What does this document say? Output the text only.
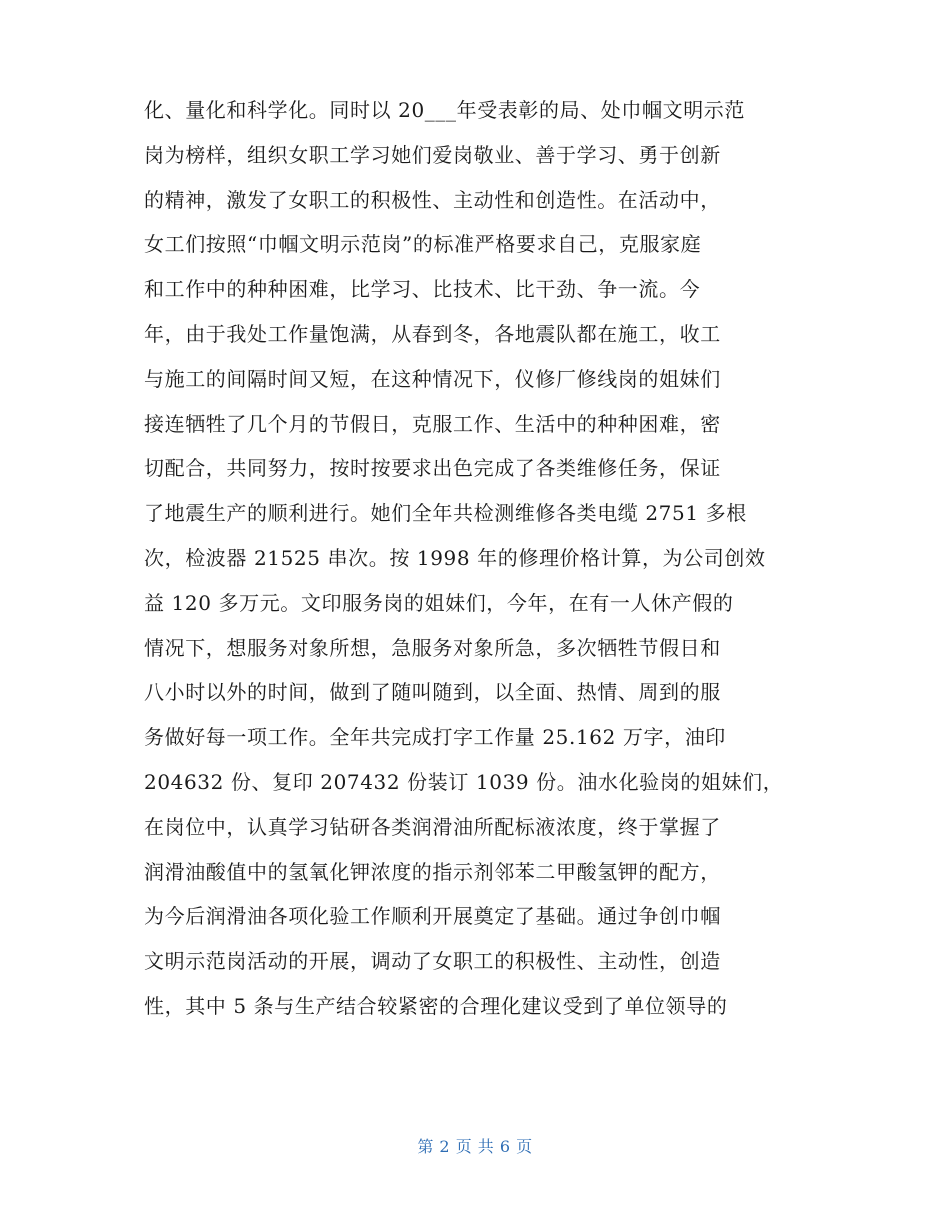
化、量化和科学化。同时以 20___年受表彰的局、处巾帼文明示范
岗为榜样，组织女职工学习她们爱岗敬业、善于学习、勇于创新
的精神，激发了女职工的积极性、主动性和创造性。在活动中，
女工们按照“巾帼文明示范岗”的标准严格要求自己，克服家庭
和工作中的种种困难，比学习、比技术、比干劲、争一流。今
年，由于我处工作量饱满，从春到冬，各地震队都在施工，收工
与施工的间隔时间又短，在这种情况下，仪修厂修线岗的姐妹们
接连牺牲了几个月的节假日，克服工作、生活中的种种困难，密
切配合，共同努力，按时按要求出色完成了各类维修任务，保证
了地震生产的顺利进行。她们全年共检测维修各类电缆 2751 多根
次，检波器 21525 串次。按 1998 年的修理价格计算，为公司创效
益 120 多万元。文印服务岗的姐妹们，今年，在有一人休产假的
情况下，想服务对象所想，急服务对象所急，多次牺牲节假日和
八小时以外的时间，做到了随叫随到，以全面、热情、周到的服
务做好每一项工作。全年共完成打字工作量 25.162 万字，油印
204632 份、复印 207432 份装订 1039 份。油水化验岗的姐妹们，
在岗位中，认真学习钻研各类润滑油所配标液浓度，终于掌握了
润滑油酸值中的氢氧化钾浓度的指示剂邻苯二甲酸氢钾的配方，
为今后润滑油各项化验工作顺利开展奠定了基础。通过争创巾帼
文明示范岗活动的开展，调动了女职工的积极性、主动性，创造
性，其中 5 条与生产结合较紧密的合理化建议受到了单位领导的
第 2 页 共 6 页
